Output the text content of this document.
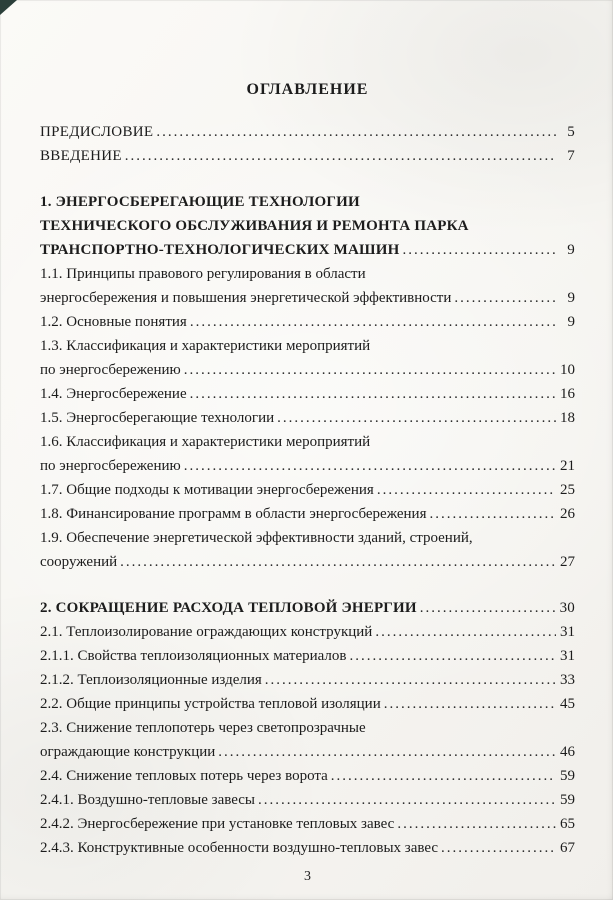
ОГЛАВЛЕНИЕ
ПРЕДИСЛОВИЕ .....	5
ВВЕДЕНИЕ .....	7
1. ЭНЕРГОСБЕРЕГАЮЩИЕ ТЕХНОЛОГИИ
ТЕХНИЧЕСКОГО ОБСЛУЖИВАНИЯ И РЕМОНТА ПАРКА
ТРАНСПОРТНО-ТЕХНОЛОГИЧЕСКИХ МАШИН .....	9
1.1. Принципы правового регулирования в области
энергосбережения и повышения энергетической эффективности .....	9
1.2. Основные понятия .....	9
1.3. Классификация и характеристики мероприятий
по энергосбережению .....	10
1.4. Энергосбережение .....	16
1.5. Энергосберегающие технологии .....	18
1.6. Классификация и характеристики мероприятий
по энергосбережению .....	21
1.7. Общие подходы к мотивации энергосбережения .....	25
1.8. Финансирование программ в области энергосбережения .....	26
1.9. Обеспечение энергетической эффективности зданий, строений,
сооружений .....	27
2. СОКРАЩЕНИЕ РАСХОДА ТЕПЛОВОЙ ЭНЕРГИИ .....	30
2.1. Теплоизолирование ограждающих конструкций .....	31
2.1.1. Свойства теплоизоляционных материалов .....	31
2.1.2. Теплоизоляционные изделия .....	33
2.2. Общие принципы устройства тепловой изоляции .....	45
2.3. Снижение теплопотерь через светопрозрачные
ограждающие конструкции .....	46
2.4. Снижение тепловых потерь через ворота .....	59
2.4.1. Воздушно-тепловые завесы .....	59
2.4.2. Энергосбережение при установке тепловых завес .....	65
2.4.3. Конструктивные особенности воздушно-тепловых завес .....	67
3
